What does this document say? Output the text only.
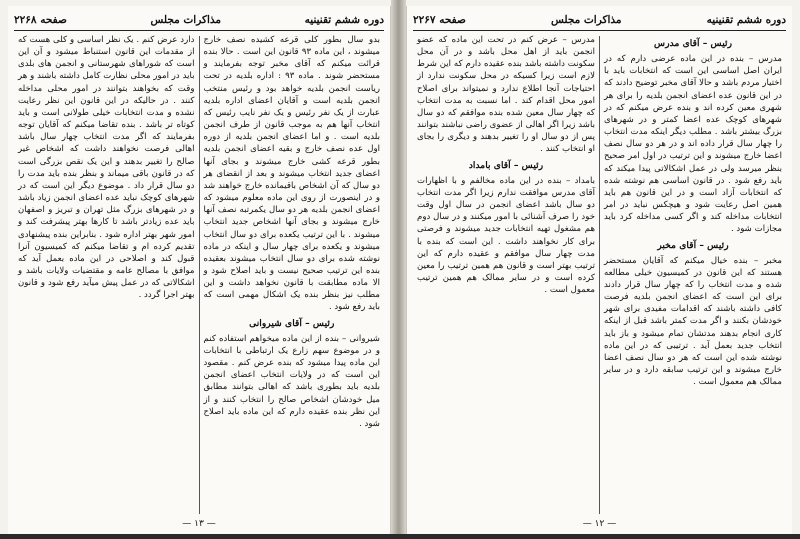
دوره ششم تقنینیه
مذاکرات مجلس
صفحه ۲۲۶۸

بدو سال بطور کلی قرعه کشیده نصف خارج میشوند ، این ماده ۹۳ قانون این است . حالا بنده قرائت میکنم که آقای مخبر توجه بفرمایند و مستحضر شوند . ماده ۹۳ : اداره بلدیه در تحت ریاست انجمن بلدیه خواهد بود و رئیس منتخب انجمن بلدیه است و آقایان اعضای اداره بلدیه عبارت از یک نفر رئیس و یک نفر نایب رئیس که انتخاب آنها هم به موجب قانون از طرف انجمن بلدیه است . و اما اعضای انجمن بلدیه از دوره اول عده نصف خارج و بقیه اعضای انجمن بلدیه بطور قرعه کشی خارج میشوند و بجای آنها اعضای جدید انتخاب میشوند و بعد از انقضای هر دو سال که آن اشخاص باقیمانده خارج خواهند شد و در اینصورت از روی این ماده معلوم میشود که اعضای انجمن بلدیه هر دو سال یکمرتبه نصف آنها خارج میشوند و بجای آنها اشخاص جدید انتخاب میشوند . با این ترتیب یکعده برای دو سال انتخاب میشوند و یکعده برای چهار سال و اینکه در ماده نوشته شده برای دو سال انتخاب میشوند بعقیده بنده این ترتیب صحیح نیست و باید اصلاح شود و الا ماده مطابقت با قانون نخواهد داشت و این مطلب نیز بنظر بنده یک اشکال مهمی است که باید رفع شود .

رئیس – آقای شیروانی

شیروانی – بنده از این ماده میخواهم استفاده کنم و در موضوع سهم زارع یک ارتباطی با انتخابات این ماده پیدا میشود که بنده عرض کنم . مقصود این است که در ولایات انتخاب اعضای انجمن بلدیه باید بطوری باشد که اهالی بتوانند مطابق میل خودشان اشخاص صالح را انتخاب کنند و از این نظر بنده عقیده دارم که این ماده باید اصلاح شود .

دارد عرض کنم . یک نظر اساسی و کلی هست که از مقدمات این قانون استنباط میشود و آن این است که شوراهای شهرستانی و انجمن های بلدی باید در امور محلی نظارت کامل داشته باشند و هر وقت که بخواهند بتوانند در امور محلی مداخله کنند . در حالیکه در این قانون این نظر رعایت نشده و مدت انتخابات خیلی طولانی است و باید کوتاه تر باشد . بنده تقاضا میکنم که آقایان توجه بفرمایند که اگر مدت انتخاب چهار سال باشد اهالی فرصت نخواهند داشت که اشخاص غیر صالح را تغییر بدهند و این یک نقص بزرگی است که در قانون باقی میماند و بنظر بنده باید مدت را دو سال قرار داد . موضوع دیگر این است که در شهرهای کوچک نباید عده اعضای انجمن زیاد باشد و در شهرهای بزرگ مثل تهران و تبریز و اصفهان باید عده زیادتر باشد تا کارها بهتر پیشرفت کند و امور شهر بهتر اداره شود . بنابراین بنده پیشنهادی تقدیم کرده ام و تقاضا میکنم که کمیسیون آنرا قبول کند و اصلاحی در این ماده بعمل آید که موافق با مصالح عامه و مقتضیات ولایات باشد و اشکالاتی که در عمل پیش میآید رفع شود و قانون بهتر اجرا گردد .

— ۱۳ —
دوره ششم تقنینیه
مذاکرات مجلس
صفحه ۲۲۶۷

رئیس – آقای مدرس

مدرس – بنده در این ماده عرضی دارم که در ایران اصل اساسی این است که انتخابات باید با اختیار مردم باشد و حالا آقای مخبر توضیح دادند که در این قانون عده اعضای انجمن بلدیه را برای هر شهری معین کرده اند و بنده عرض میکنم که در شهرهای کوچک عده اعضا کمتر و در شهرهای بزرگ بیشتر باشد . مطلب دیگر اینکه مدت انتخاب را چهار سال قرار داده اند و در هر دو سال نصف اعضا خارج میشوند و این ترتیب در اول امر صحیح بنظر میرسد ولی در عمل اشکالاتی پیدا میکند که باید رفع شود . در قانون اساسی هم نوشته شده که انتخابات آزاد است و در این قانون هم باید همین اصل رعایت شود و هیچکس نباید در امر انتخابات مداخله کند و اگر کسی مداخله کرد باید مجازات شود .

رئیس – آقای مخبر

مخبر – بنده خیال میکنم که آقایان مستحضر هستند که این قانون در کمیسیون خیلی مطالعه شده و مدت انتخاب را که چهار سال قرار دادند برای این است که اعضای انجمن بلدیه فرصت کافی داشته باشند که اقدامات مفیدی برای شهر خودشان بکنند و اگر مدت کمتر باشد قبل از اینکه کاری انجام بدهند مدتشان تمام میشود و باز باید انتخاب جدید بعمل آید . ترتیبی که در این ماده نوشته شده این است که هر دو سال نصف اعضا خارج میشوند و این ترتیب سابقه دارد و در سایر ممالک هم معمول است .

مدرس – عرض کنم در تحت این ماده که عضو انجمن باید از اهل محل باشد و در آن محل سکونت داشته باشد بنده عقیده دارم که این شرط لازم است زیرا کسیکه در محل سکونت ندارد از احتیاجات آنجا اطلاع ندارد و نمیتواند برای اصلاح امور محل اقدام کند . اما نسبت به مدت انتخاب که چهار سال معین شده بنده موافقم که دو سال باشد زیرا اگر اهالی از عضوی راضی نباشند بتوانند پس از دو سال او را تغییر بدهند و دیگری را بجای او انتخاب کنند .

رئیس – آقای بامداد

بامداد – بنده در این ماده مخالفم و با اظهارات آقای مدرس موافقت ندارم زیرا اگر مدت انتخاب دو سال باشد اعضای انجمن در سال اول وقت خود را صرف آشنائی با امور میکنند و در سال دوم هم مشغول تهیه انتخابات جدید میشوند و فرصتی برای کار نخواهند داشت . این است که بنده با مدت چهار سال موافقم و عقیده دارم که این ترتیب بهتر است و قانون هم همین ترتیب را معین کرده است و در سایر ممالک هم همین ترتیب معمول است .

— ۱۲ —
